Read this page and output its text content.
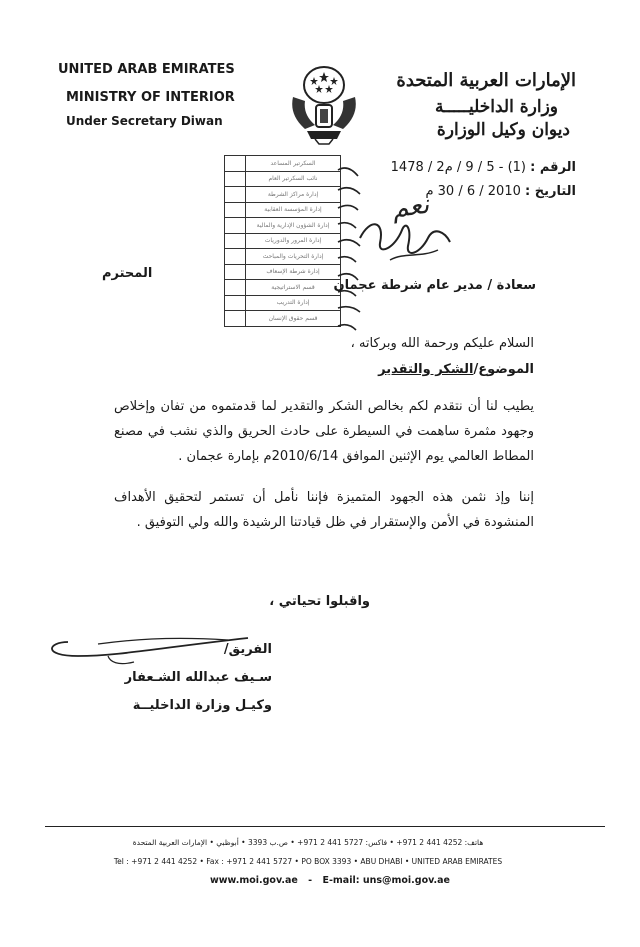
UNITED ARAB EMIRATES
MINISTRY OF INTERIOR
Under Secretary Diwan
الإمارات العربية المتحدة
وزارة الداخليـــــة
ديوان وكيل الوزارة
الرقم : (1) - 5 / 9 / م2 / 1478
التاريخ : 2010 / 6 / 30 م
	السكرتير المساعد
	نائب السكرتير العام
	إدارة مراكز الشرطة
	إدارة المؤسسة العقابية
	إدارة الشؤون الإدارية والمالية
	إدارة المرور والدوريات
	إدارة التحريات والمباحث
	إدارة شرطة الإسعاف
	قسم الاستراتيجية
	إدارة التدريب
	قسم حقوق الإنسان
نعم
سعادة / مدير عام شرطة عجمان
المحترم
السلام عليكم ورحمة الله وبركاته ،
الموضوع/الشكر والتقدير
يطيب لنا أن نتقدم لكم بخالص الشكر والتقدير لما قدمتموه من تفان وإخلاص وجهود مثمرة ساهمت في السيطرة على حادث الحريق والذي نشب في مصنع المطاط العالمي يوم الإثنين الموافق 2010/6/14م بإمارة عجمان .
إننا وإذ نثمن هذه الجهود المتميزة فإننا نأمل أن تستمر لتحقيق الأهداف المنشودة في الأمن والإستقرار في ظل قيادتنا الرشيدة والله ولي التوفيق .
واقبلوا تحياتي ،
الفريق/
سـيف عبدالله الشـعفار
وكيـل وزارة الداخليــة
هاتف: 4252 441 2 971+ • فاكس: 5727 441 2 971+ • ص.ب 3393 • أبوظبي • الإمارات العربية المتحدة
Tel : +971 2 441 4252 • Fax : +971 2 441 5727 • PO BOX 3393 • ABU DHABI • UNITED ARAB EMIRATES
www.moi.gov.ae - E-mail: uns@moi.gov.ae
